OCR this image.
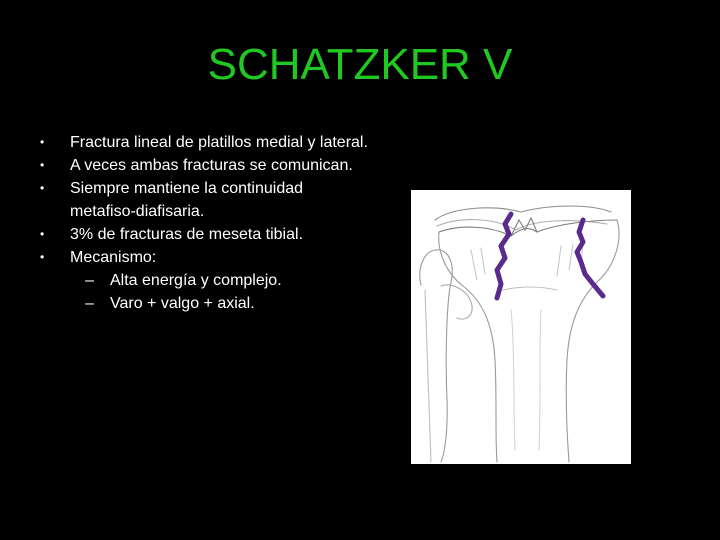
SCHATZKER V
•	Fractura lineal de platillos medial y lateral.
•	A veces ambas fracturas se comunican.
•	Siempre mantiene la continuidad metafiso-diafisaria.
•	3% de fracturas de meseta tibial.
•	Mecanismo:
– Alta energía y complejo.
– Varo + valgo + axial.
